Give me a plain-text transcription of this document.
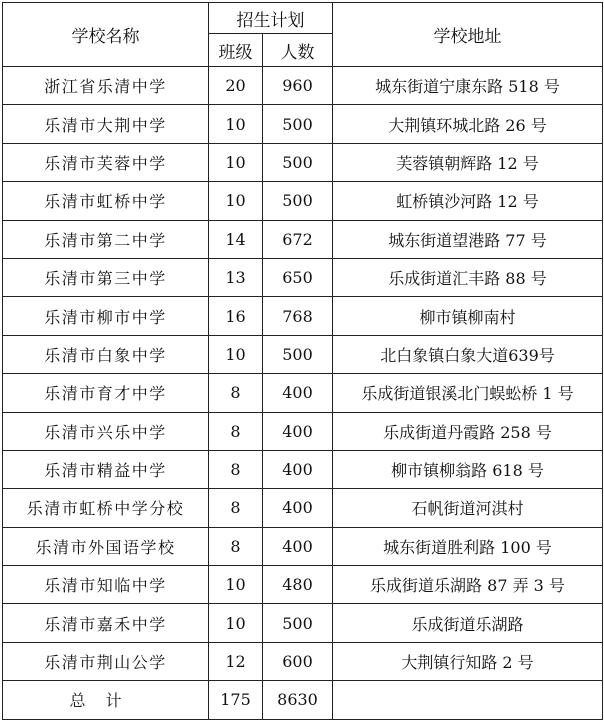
学校名称	招生计划		学校地址
	班级	人数	
浙江省乐清中学	20	960	城东街道宁康东路 518 号
乐清市大荆中学	10	500	大荆镇环城北路 26 号
乐清市芙蓉中学	10	500	芙蓉镇朝辉路 12 号
乐清市虹桥中学	10	500	虹桥镇沙河路 12 号
乐清市第二中学	14	672	城东街道望港路 77 号
乐清市第三中学	13	650	乐成街道汇丰路 88 号
乐清市柳市中学	16	768	柳市镇柳南村
乐清市白象中学	10	500	北白象镇白象大道639号
乐清市育才中学	8	400	乐成街道银溪北门蜈蚣桥 1 号
乐清市兴乐中学	8	400	乐成街道丹霞路 258 号
乐清市精益中学	8	400	柳市镇柳翁路 618 号
乐清市虹桥中学分校	8	400	石帆街道河淇村
乐清市外国语学校	8	400	城东街道胜利路 100 号
乐清市知临中学	10	480	乐成街道乐湖路 87 弄 3 号
乐清市嘉禾中学	10	500	乐成街道乐湖路
乐清市荆山公学	12	600	大荆镇行知路 2 号
总计	175	8630	
